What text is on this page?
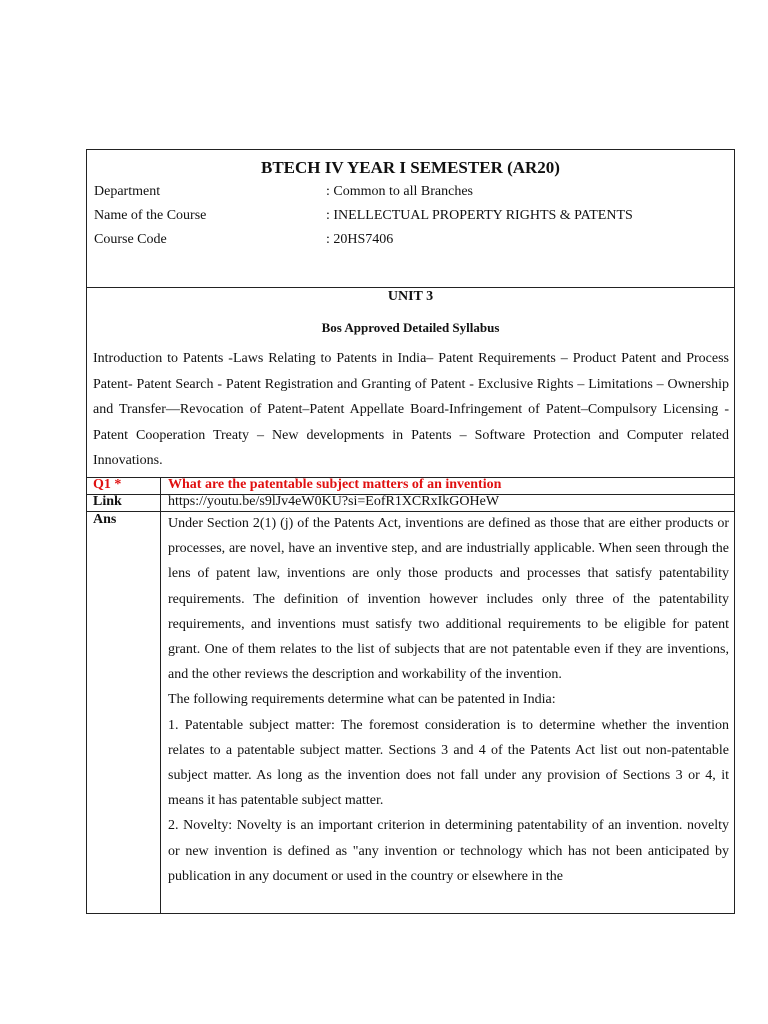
BTECH IV YEAR I SEMESTER (AR20)
Department	: Common to all Branches
Name of the Course	: INELLECTUAL PROPERTY RIGHTS & PATENTS
Course Code	: 20HS7406
UNIT 3
Bos Approved Detailed Syllabus

Introduction to Patents -Laws Relating to Patents in India– Patent Requirements – Product Patent and Process Patent- Patent Search - Patent Registration and Granting of Patent - Exclusive Rights – Limitations – Ownership and Transfer—Revocation of Patent–Patent Appellate Board-Infringement of Patent–Compulsory Licensing -Patent Cooperation Treaty – New developments in Patents – Software Protection and Computer related Innovations.

Q1 *	What are the patentable subject matters of an invention
Link	https://youtu.be/s9lJv4eW0KU?si=EofR1XCRxIkGOHeW
Ans	Under Section 2(1) (j) of the Patents Act, inventions are defined as those that are either products or processes, are novel, have an inventive step, and are industrially applicable. When seen through the lens of patent law, inventions are only those products and processes that satisfy patentability requirements. The definition of invention however includes only three of the patentability requirements, and inventions must satisfy two additional requirements to be eligible for patent grant. One of them relates to the list of subjects that are not patentable even if they are inventions, and the other reviews the description and workability of the invention.

The following requirements determine what can be patented in India:

1. Patentable subject matter: The foremost consideration is to determine whether the invention relates to a patentable subject matter. Sections 3 and 4 of the Patents Act list out non-patentable subject matter. As long as the invention does not fall under any provision of Sections 3 or 4, it means it has patentable subject matter.

2. Novelty: Novelty is an important criterion in determining patentability of an invention. novelty or new invention is defined as "any invention or technology which has not been anticipated by publication in any document or used in the country or elsewhere in the
